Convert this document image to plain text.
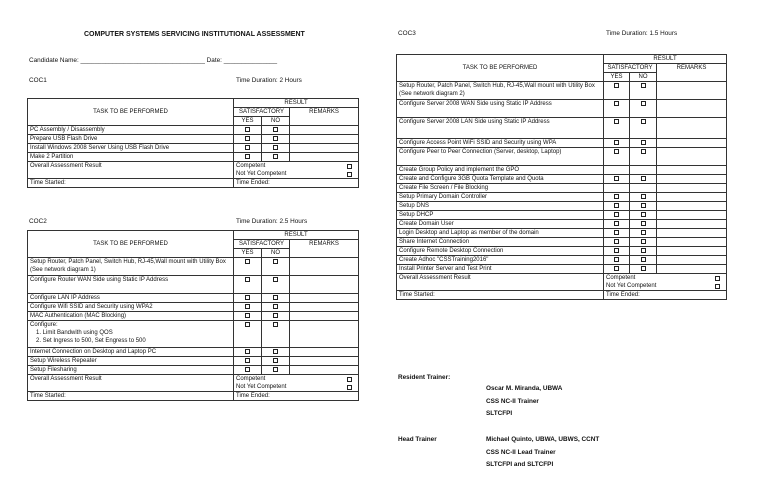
COMPUTER SYSTEMS SERVICING INSTITUTIONAL ASSESSMENT
Candidate Name: ___________________________________ Date: _______________
COC1	Time Duration: 2 Hours
TASK TO BE PERFORMED	RESULT		
	SATISFACTORY		REMARKS
	YES	NO	
PC Assembly / Disassembly			
Prepare USB Flash Drive			
Install Windows 2008 Server Using USB Flash Drive			
Make 2 Partition			
Overall Assessment Result	Competent		

	Not Yet Competent		

Time Started:	Time Ended:		
COC2	Time Duration: 2.5 Hours
TASK TO BE PERFORMED	RESULT		
	SATISFACTORY		REMARKS
	YES	NO	
Setup Router, Patch Panel, Switch Hub, RJ-45,Wall mount with Utility Box (See network diagram 1)			
Configure Router WAN Side using Static IP Address			
Configure LAN IP Address			
Configure Wifi SSID and Security using WPA2			
MAC Authentication (MAC Blocking)			

Configure:
1. Limit Bandwith using QOS
2. Set Ingress to 500, Set Engress to 500			

Internet Connection on Desktop and Laptop PC			
Setup Wireless Repeater			
Setup Filesharing			
Overall Assessment Result	Competent		

	Not Yet Competent		

Time Started:	Time Ended:		
COC3	Time Duration: 1.5 Hours
TASK TO BE PERFORMED	RESULT		
	SATISFACTORY		REMARKS
	YES	NO	
Setup Router, Patch Panel, Switch Hub, RJ-45,Wall mount with Utility Box (See network diagram 2)			
Configure Server 2008 WAN Side using Static IP Address			
Configure Server 2008 LAN Side using Static IP Address			
Configure Access Point WiFi SSID and Security using WPA			
Configure Peer to Peer Connection (Server, desktop, Laptop)			
Create Group Policy and implement the GPO			
Create and Configure 3GB Quota Template and Quota			
Create File Screen / File Blocking			
Setup Primary Domain Controller			
Setup DNS			
Setup DHCP			
Create Domain User			
Login Desktop and Laptop as member of the domain			
Share Internet Connection			
Configure Remote Desktop Connection			
Create Adhoc "CSSTraining2016"			
Install Printer Server and Test Print			
Overall Assessment Result	Competent		

	Not Yet Competent		

Time Started:	Time Ended:		
Resident Trainer:
Oscar M. Miranda, UBWA
CSS NC-II Trainer
SLTCFPI
Head Trainer	Michael Quinto, UBWA, UBWS, CCNT
CSS NC-II Lead Trainer
SLTCFPI and SLTCFPI
